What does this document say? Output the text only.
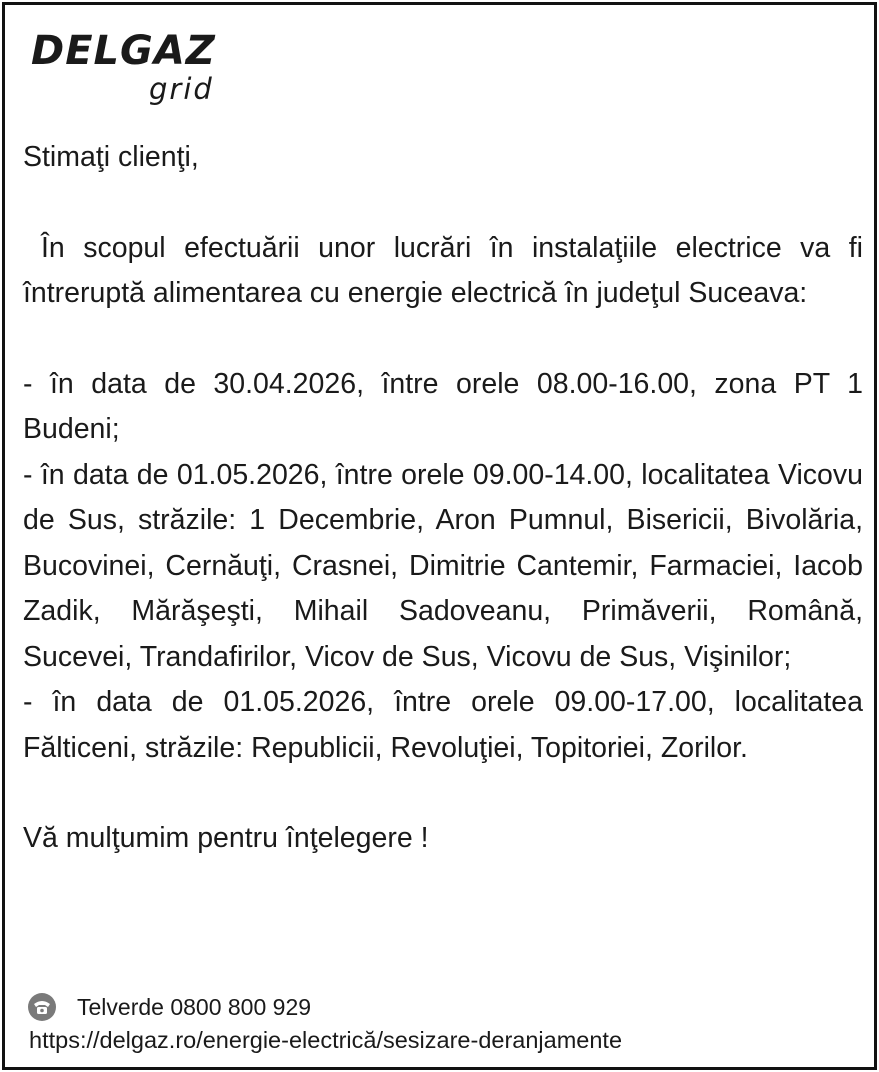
DELGAZ
grid

Stimaţi clienţi,

În scopul efectuării unor lucrări în instalaţiile electrice va fi întreruptă alimentarea cu energie electrică în judeţul Suceava:

- în data de 30.04.2026, între orele 08.00-16.00, zona PT 1 Budeni;

- în data de 01.05.2026, între orele 09.00-14.00, localitatea Vicovu de Sus, străzile: 1 Decembrie, Aron Pumnul, Bisericii, Bivolăria, Bucovinei, Cernăuţi, Crasnei, Dimitrie Cantemir, Farmaciei, Iacob Zadik, Mărăşeşti, Mihail Sadoveanu, Primăverii, Română, Sucevei, Trandafirilor, Vicov de Sus, Vicovu de Sus, Vişinilor;

- în data de 01.05.2026, între orele 09.00-17.00, localitatea Fălticeni, străzile: Republicii, Revoluţiei, Topitoriei, Zorilor.

Vă mulţumim pentru înţelegere !

Telverde 0800 800 929
https://delgaz.ro/energie-electrică/sesizare-deranjamente
